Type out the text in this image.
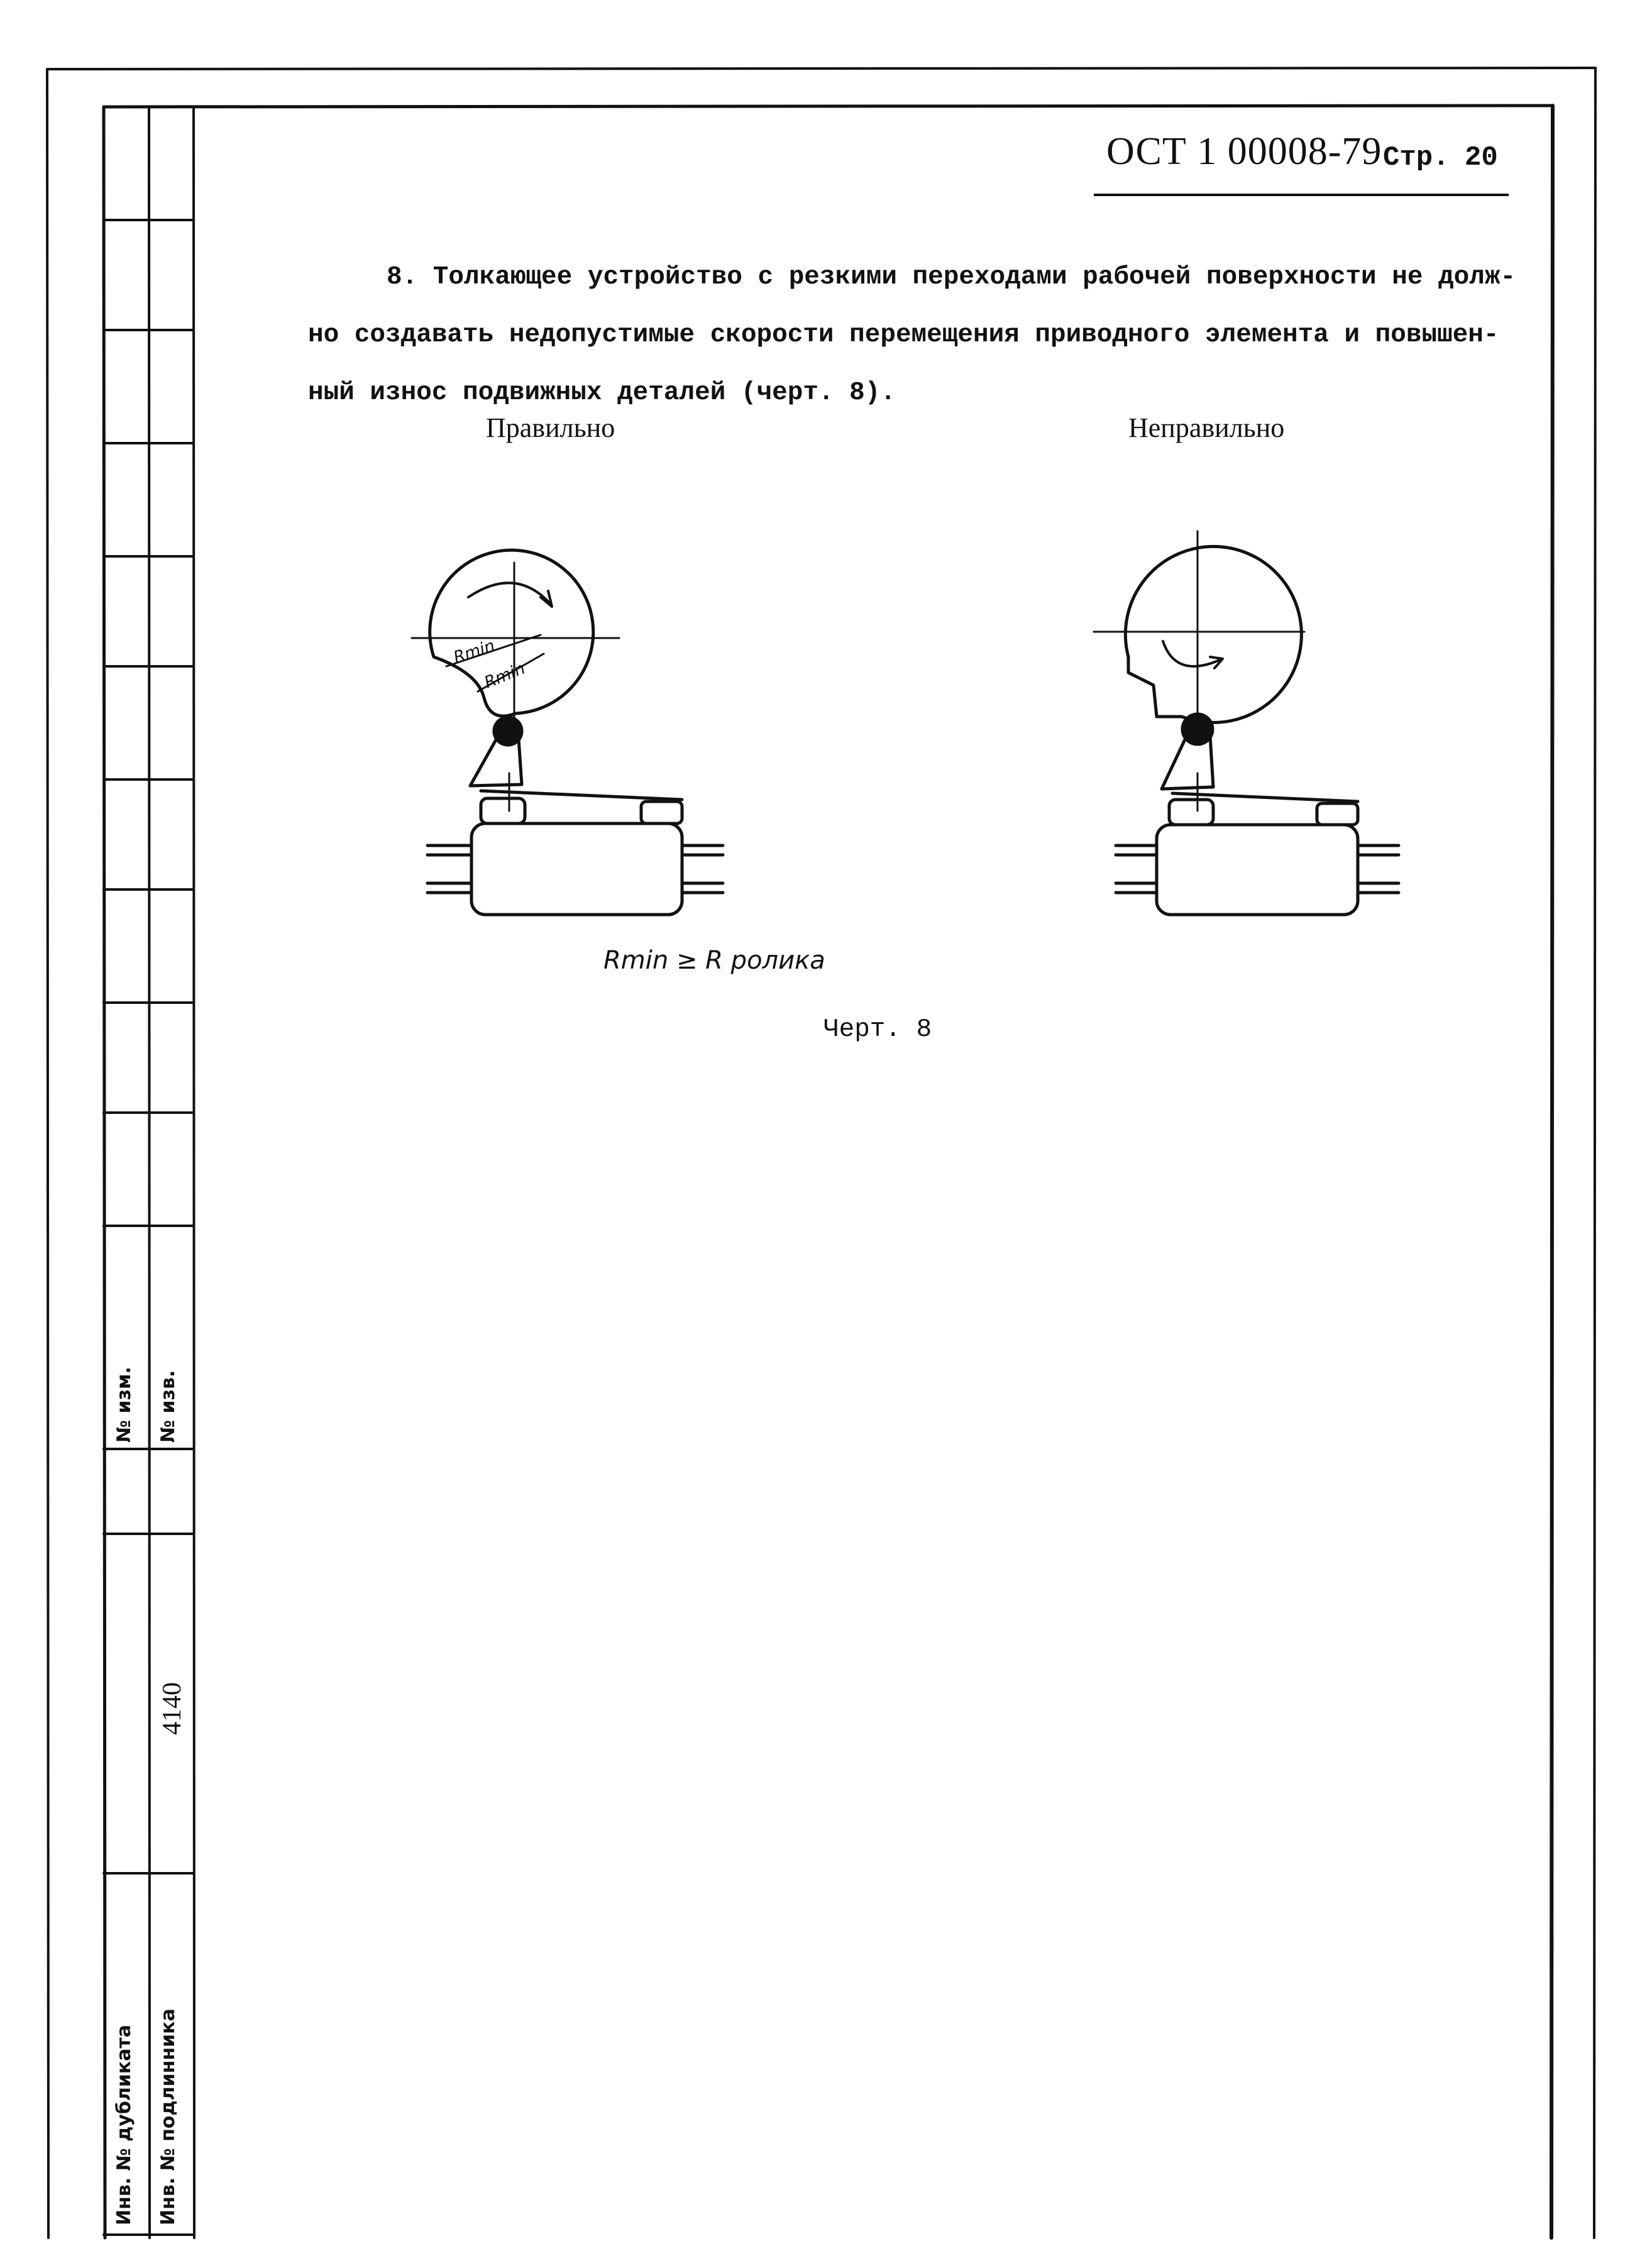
Rmin
Rmin
ОСТ 1 00008-79 Стр. 20
8. Толкающее устройство с резкими переходами рабочей поверхности не долж-
но создавать недопустимые скорости перемещения приводного элемента и повышен-
ный износ подвижных деталей (черт. 8).
Правильно	Неправильно
Rmin ≥ R ролика
Черт. 8
№ изм. № изв.
4140
Инв. № дубликата Инв. № подлинника
